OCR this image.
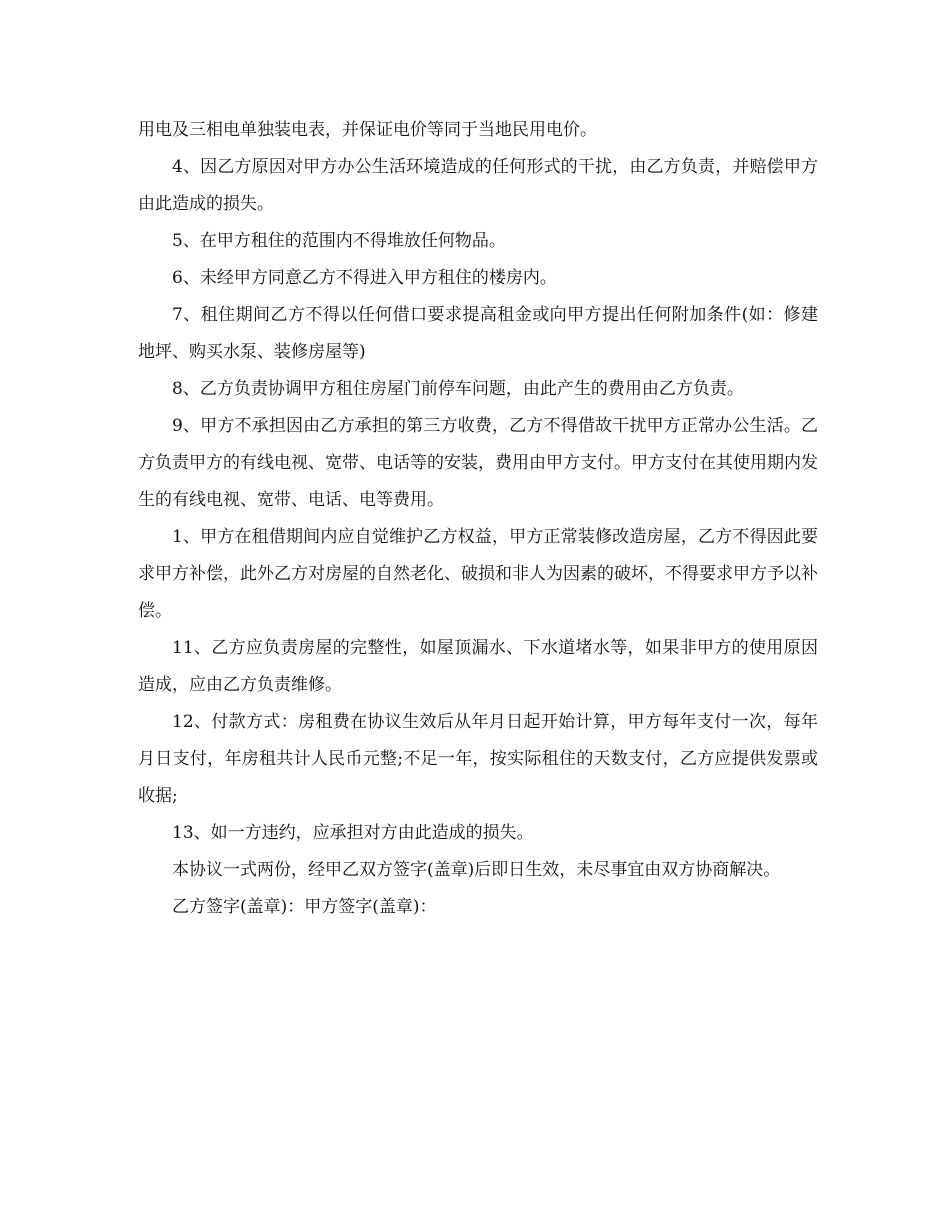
用电及三相电单独装电表，并保证电价等同于当地民用电价。

4、因乙方原因对甲方办公生活环境造成的任何形式的干扰，由乙方负责，并赔偿甲方由此造成的损失。

5、在甲方租住的范围内不得堆放任何物品。

6、未经甲方同意乙方不得进入甲方租住的楼房内。

7、租住期间乙方不得以任何借口要求提高租金或向甲方提出任何附加条件(如：修建地坪、购买水泵、装修房屋等)

8、乙方负责协调甲方租住房屋门前停车问题，由此产生的费用由乙方负责。

9、甲方不承担因由乙方承担的第三方收费，乙方不得借故干扰甲方正常办公生活。乙方负责甲方的有线电视、宽带、电话等的安装，费用由甲方支付。甲方支付在其使用期内发生的有线电视、宽带、电话、电等费用。

1、甲方在租借期间内应自觉维护乙方权益，甲方正常装修改造房屋，乙方不得因此要求甲方补偿，此外乙方对房屋的自然老化、破损和非人为因素的破坏，不得要求甲方予以补偿。

11、乙方应负责房屋的完整性，如屋顶漏水、下水道堵水等，如果非甲方的使用原因造成，应由乙方负责维修。

12、付款方式：房租费在协议生效后从年月日起开始计算，甲方每年支付一次，每年月日支付，年房租共计人民币元整;不足一年，按实际租住的天数支付，乙方应提供发票或收据;

13、如一方违约，应承担对方由此造成的损失。

本协议一式两份，经甲乙双方签字(盖章)后即日生效，未尽事宜由双方协商解决。

乙方签字(盖章)：甲方签字(盖章)：
